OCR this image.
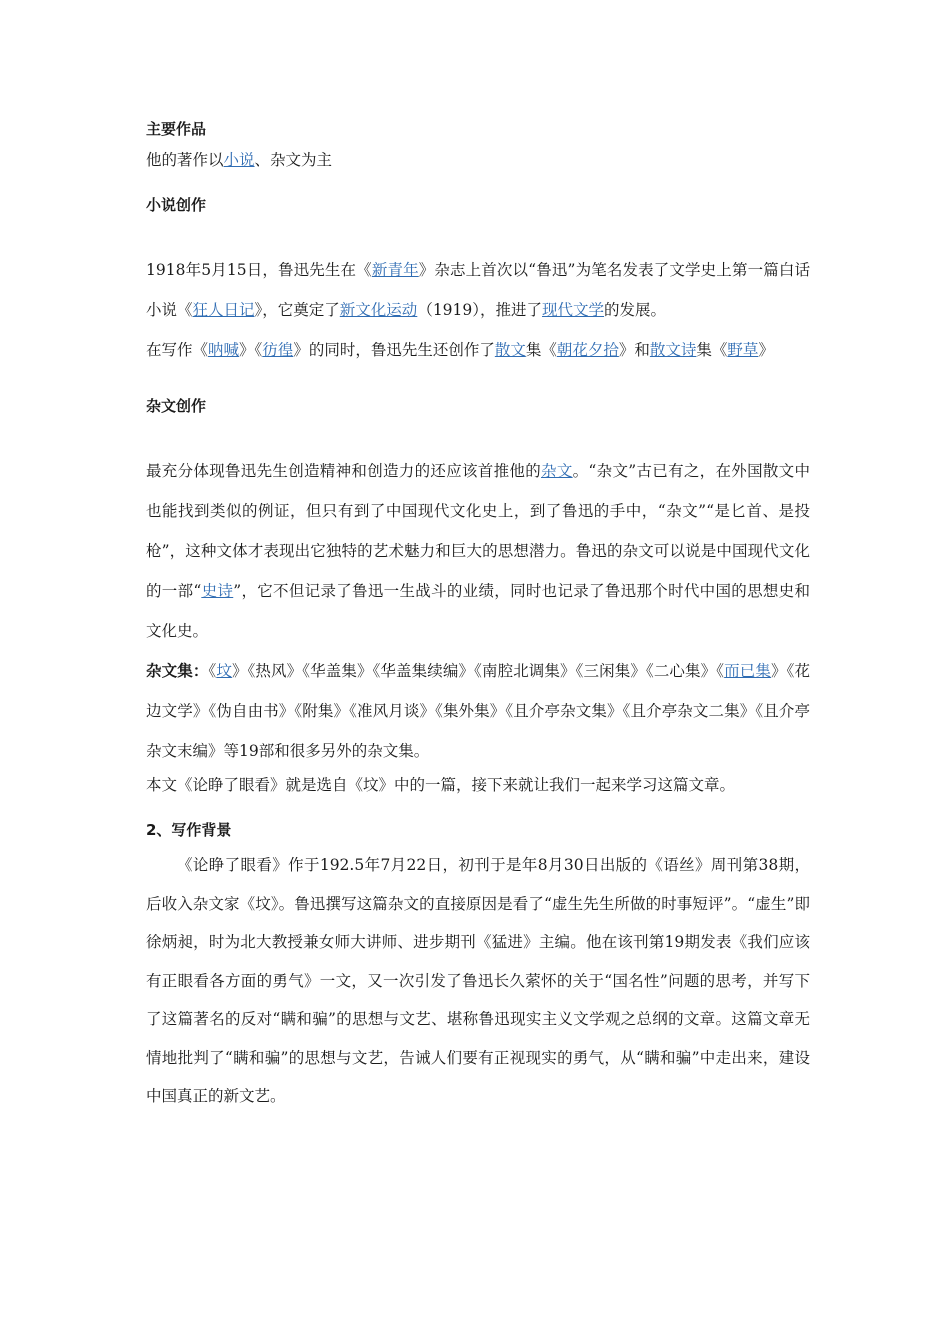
主要作品

他的著作以小说、杂文为主

小说创作

1918年5月15日，鲁迅先生在《新青年》杂志上首次以“鲁迅”为笔名发表了文学史上第一篇白话小说《狂人日记》，它奠定了新文化运动（1919），推进了现代文学的发展。

在写作《呐喊》《彷徨》的同时，鲁迅先生还创作了散文集《朝花夕拾》和散文诗集《野草》

杂文创作

最充分体现鲁迅先生创造精神和创造力的还应该首推他的杂文。“杂文”古已有之，在外国散文中也能找到类似的例证，但只有到了中国现代文化史上，到了鲁迅的手中，“杂文”“是匕首、是投枪”，这种文体才表现出它独特的艺术魅力和巨大的思想潜力。鲁迅的杂文可以说是中国现代文化的一部“史诗”，它不但记录了鲁迅一生战斗的业绩，同时也记录了鲁迅那个时代中国的思想史和文化史。

杂文集：《坟》《热风》《华盖集》《华盖集续编》《南腔北调集》《三闲集》《二心集》《而已集》《花边文学》《伪自由书》《附集》《准风月谈》《集外集》《且介亭杂文集》《且介亭杂文二集》《且介亭杂文末编》等19部和很多另外的杂文集。

本文《论睁了眼看》就是选自《坟》中的一篇，接下来就让我们一起来学习这篇文章。

2、写作背景

《论睁了眼看》作于192.5年7月22日，初刊于是年8月30日出版的《语丝》周刊第38期，后收入杂文家《坟》。鲁迅撰写这篇杂文的直接原因是看了“虚生先生所做的时事短评”。“虚生”即徐炳昶，时为北大教授兼女师大讲师、进步期刊《猛进》主编。他在该刊第19期发表《我们应该有正眼看各方面的勇气》一文，又一次引发了鲁迅长久萦怀的关于“国名性”问题的思考，并写下了这篇著名的反对“瞒和骗”的思想与文艺、堪称鲁迅现实主义文学观之总纲的文章。这篇文章无情地批判了“瞒和骗”的思想与文艺，告诫人们要有正视现实的勇气，从“瞒和骗”中走出来，建设中国真正的新文艺。
